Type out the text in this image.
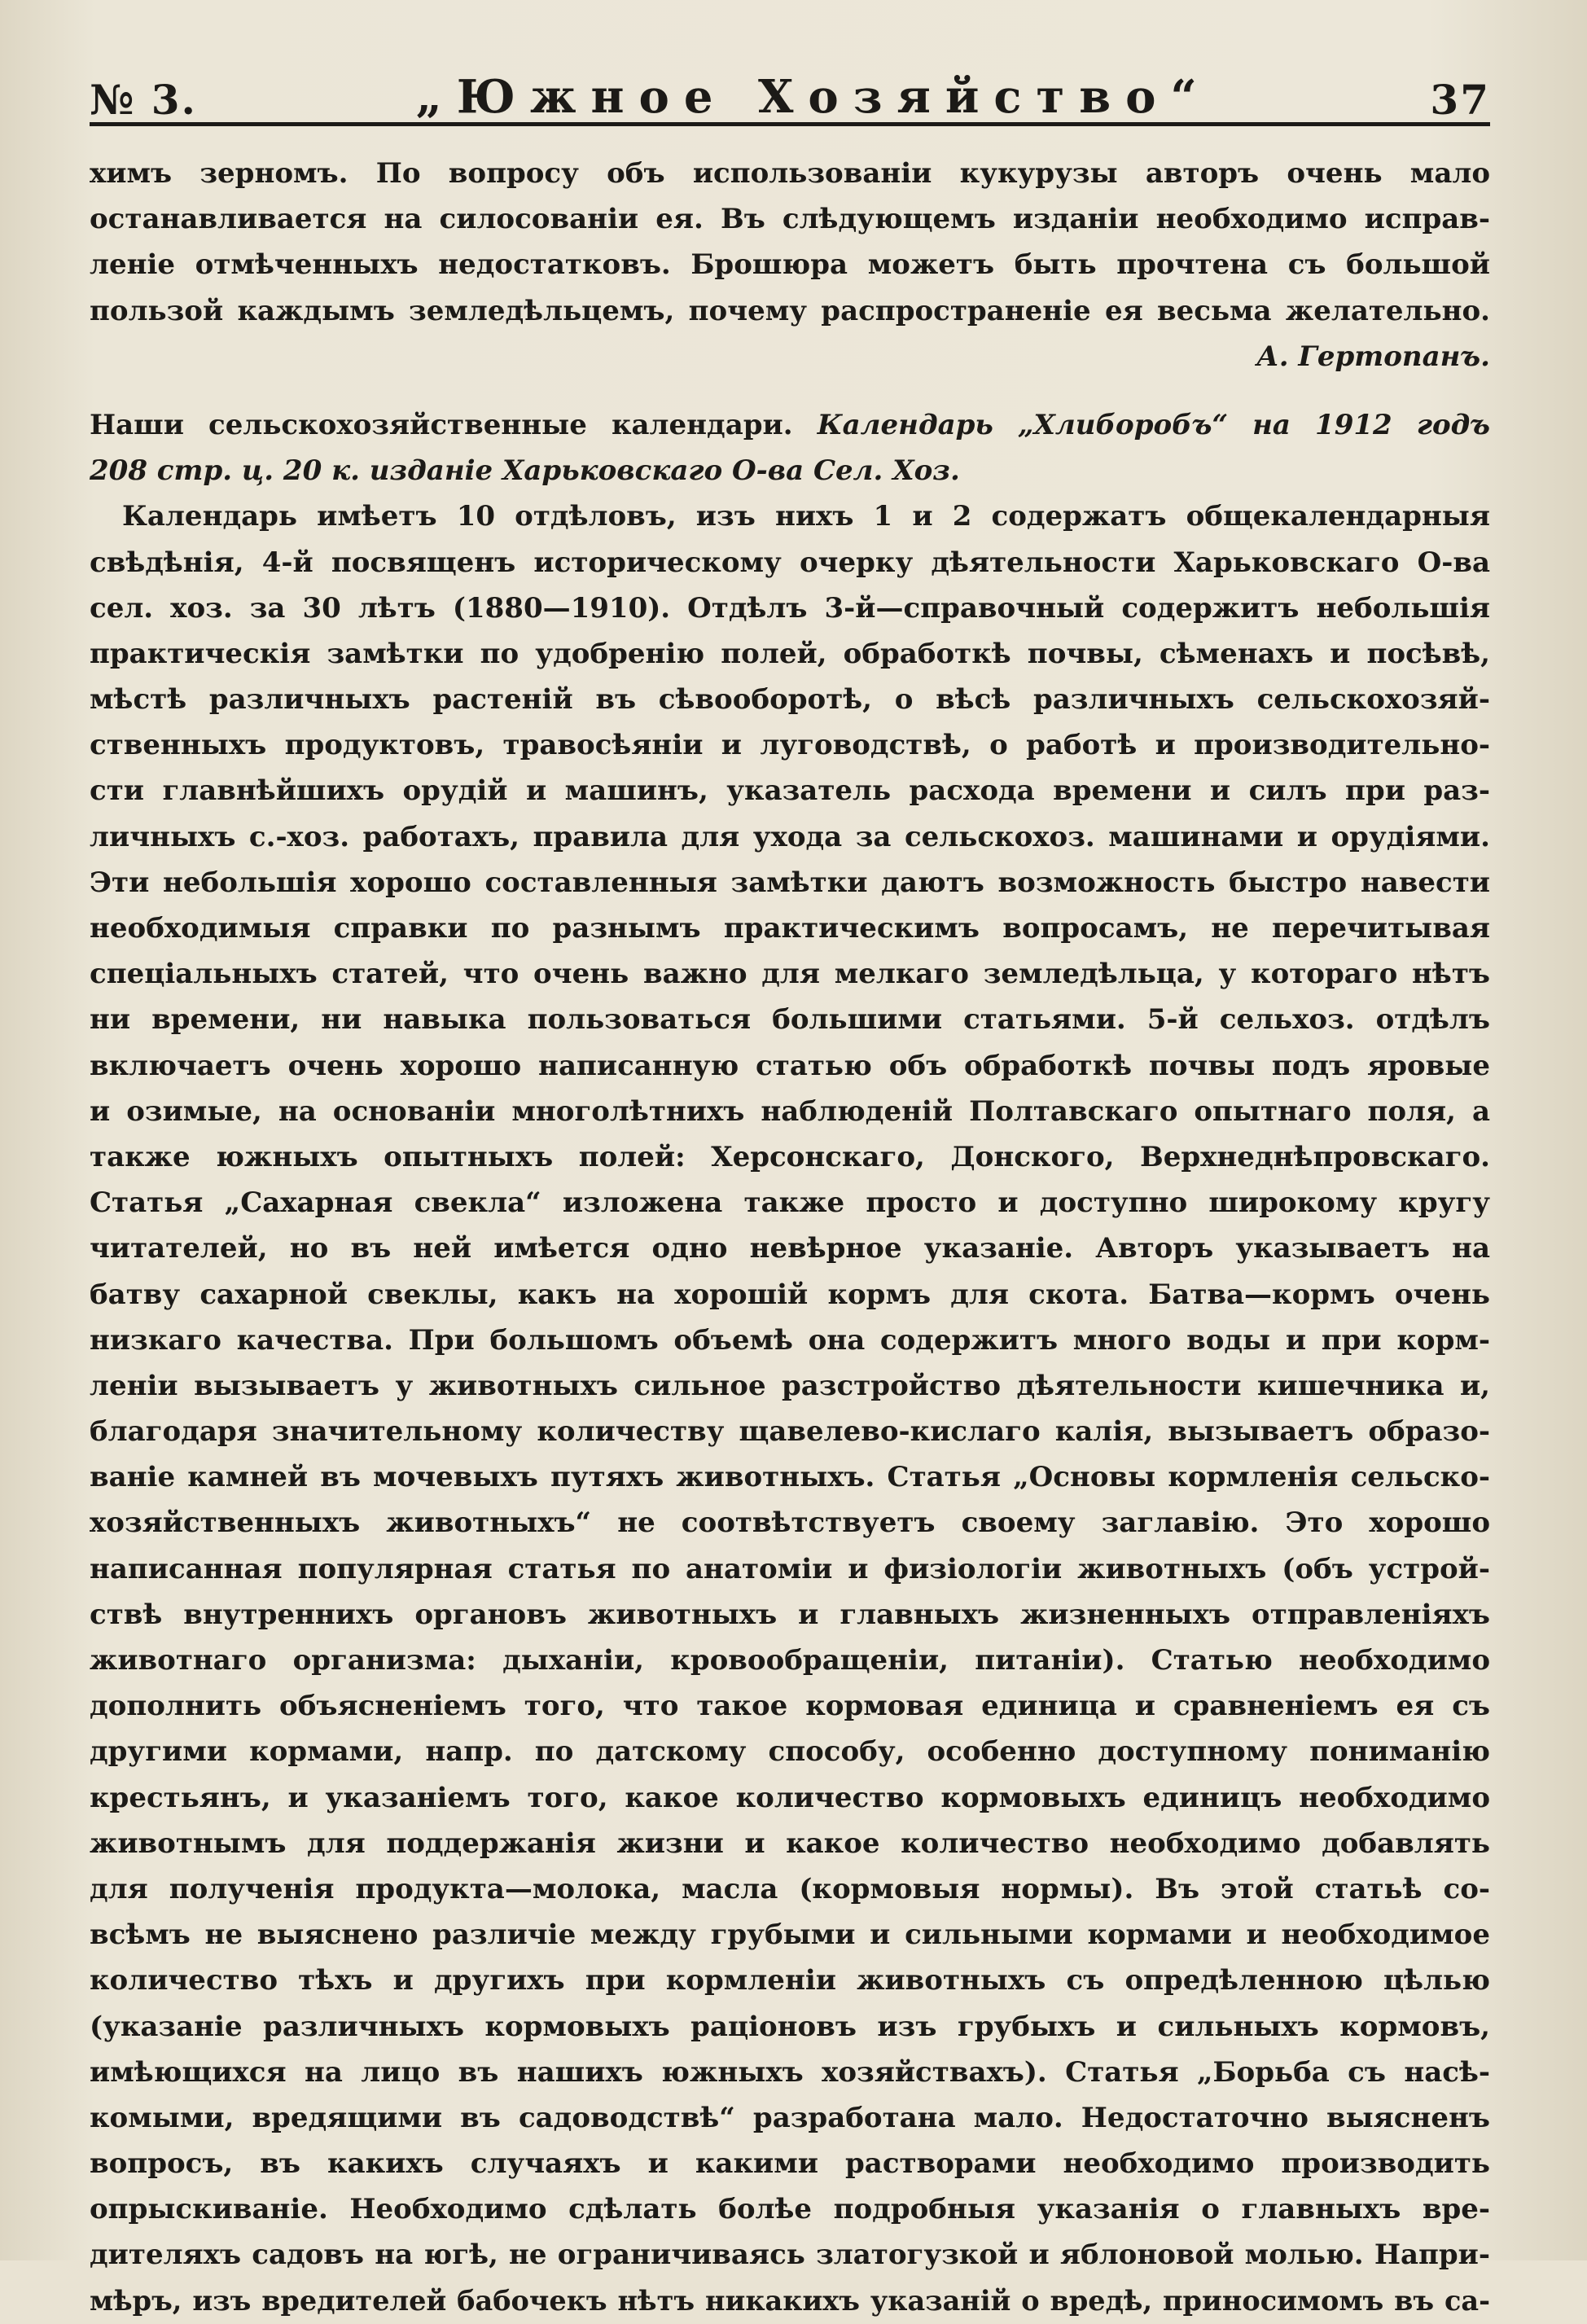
№ 3.	„Южное Хозяйство“	37
химъ зерномъ. По вопросу объ использованіи кукурузы авторъ очень мало
останавливается на силосованіи ея. Въ слѣдующемъ изданіи необходимо исправ-
леніе отмѣченныхъ недостатковъ. Брошюра можетъ быть прочтена съ большой
пользой каждымъ земледѣльцемъ, почему распространеніе ея весьма желательно.
А. Гертопанъ.
Наши сельскохозяйственные календари. Календарь „Хлиборобъ“ на 1912 годъ
208 стр. ц. 20 к. изданіе Харьковскаго О-ва Сел. Хоз.
Календарь имѣетъ 10 отдѣловъ, изъ нихъ 1 и 2 содержатъ общекалендарныя
свѣдѣнія, 4-й посвященъ историческому очерку дѣятельности Харьковскаго О-ва
сел. хоз. за 30 лѣтъ (1880—1910). Отдѣлъ 3-й—справочный содержитъ небольшія
практическія замѣтки по удобренію полей, обработкѣ почвы, сѣменахъ и посѣвѣ,
мѣстѣ различныхъ растеній въ сѣвооборотѣ, о вѣсѣ различныхъ сельскохозяй-
ственныхъ продуктовъ, травосѣяніи и луговодствѣ, о работѣ и производительно-
сти главнѣйшихъ орудій и машинъ, указатель расхода времени и силъ при раз-
личныхъ с.-хоз. работахъ, правила для ухода за сельскохоз. машинами и орудіями.
Эти небольшія хорошо составленныя замѣтки даютъ возможность быстро навести
необходимыя справки по разнымъ практическимъ вопросамъ, не перечитывая
спеціальныхъ статей, что очень важно для мелкаго земледѣльца, у котораго нѣтъ
ни времени, ни навыка пользоваться большими статьями. 5-й сельхоз. отдѣлъ
включаетъ очень хорошо написанную статью объ обработкѣ почвы подъ яровые
и озимые, на основаніи многолѣтнихъ наблюденій Полтавскаго опытнаго поля, а
также южныхъ опытныхъ полей: Херсонскаго, Донского, Верхнеднѣпровскаго.
Статья „Сахарная свекла“ изложена также просто и доступно широкому кругу
читателей, но въ ней имѣется одно невѣрное указаніе. Авторъ указываетъ на
батву сахарной свеклы, какъ на хорошій кормъ для скота. Батва—кормъ очень
низкаго качества. При большомъ объемѣ она содержитъ много воды и при корм-
леніи вызываетъ у животныхъ сильное разстройство дѣятельности кишечника и,
благодаря значительному количеству щавелево-кислаго калія, вызываетъ образо-
ваніе камней въ мочевыхъ путяхъ животныхъ. Статья „Основы кормленія сельско-
хозяйственныхъ животныхъ“ не соотвѣтствуетъ своему заглавію. Это хорошо
написанная популярная статья по анатоміи и физіологіи животныхъ (объ устрой-
ствѣ внутреннихъ органовъ животныхъ и главныхъ жизненныхъ отправленіяхъ
животнаго организма: дыханіи, кровообращеніи, питаніи). Статью необходимо
дополнить объясненіемъ того, что такое кормовая единица и сравненіемъ ея съ
другими кормами, напр. по датскому способу, особенно доступному пониманію
крестьянъ, и указаніемъ того, какое количество кормовыхъ единицъ необходимо
животнымъ для поддержанія жизни и какое количество необходимо добавлять
для полученія продукта—молока, масла (кормовыя нормы). Въ этой статьѣ со-
всѣмъ не выяснено различіе между грубыми и сильными кормами и необходимое
количество тѣхъ и другихъ при кормленіи животныхъ съ опредѣленною цѣлью
(указаніе различныхъ кормовыхъ раціоновъ изъ грубыхъ и сильныхъ кормовъ,
имѣющихся на лицо въ нашихъ южныхъ хозяйствахъ). Статья „Борьба съ насѣ-
комыми, вредящими въ садоводствѣ“ разработана мало. Недостаточно выясненъ
вопросъ, въ какихъ случаяхъ и какими растворами необходимо производить
опрыскиваніе. Необходимо сдѣлать болѣе подробныя указанія о главныхъ вре-
дителяхъ садовъ на югѣ, не ограничиваясь златогузкой и яблоновой молью. Напри-
мѣръ, изъ вредителей бабочекъ нѣтъ никакихъ указаній о вредѣ, приносимомъ въ са-
